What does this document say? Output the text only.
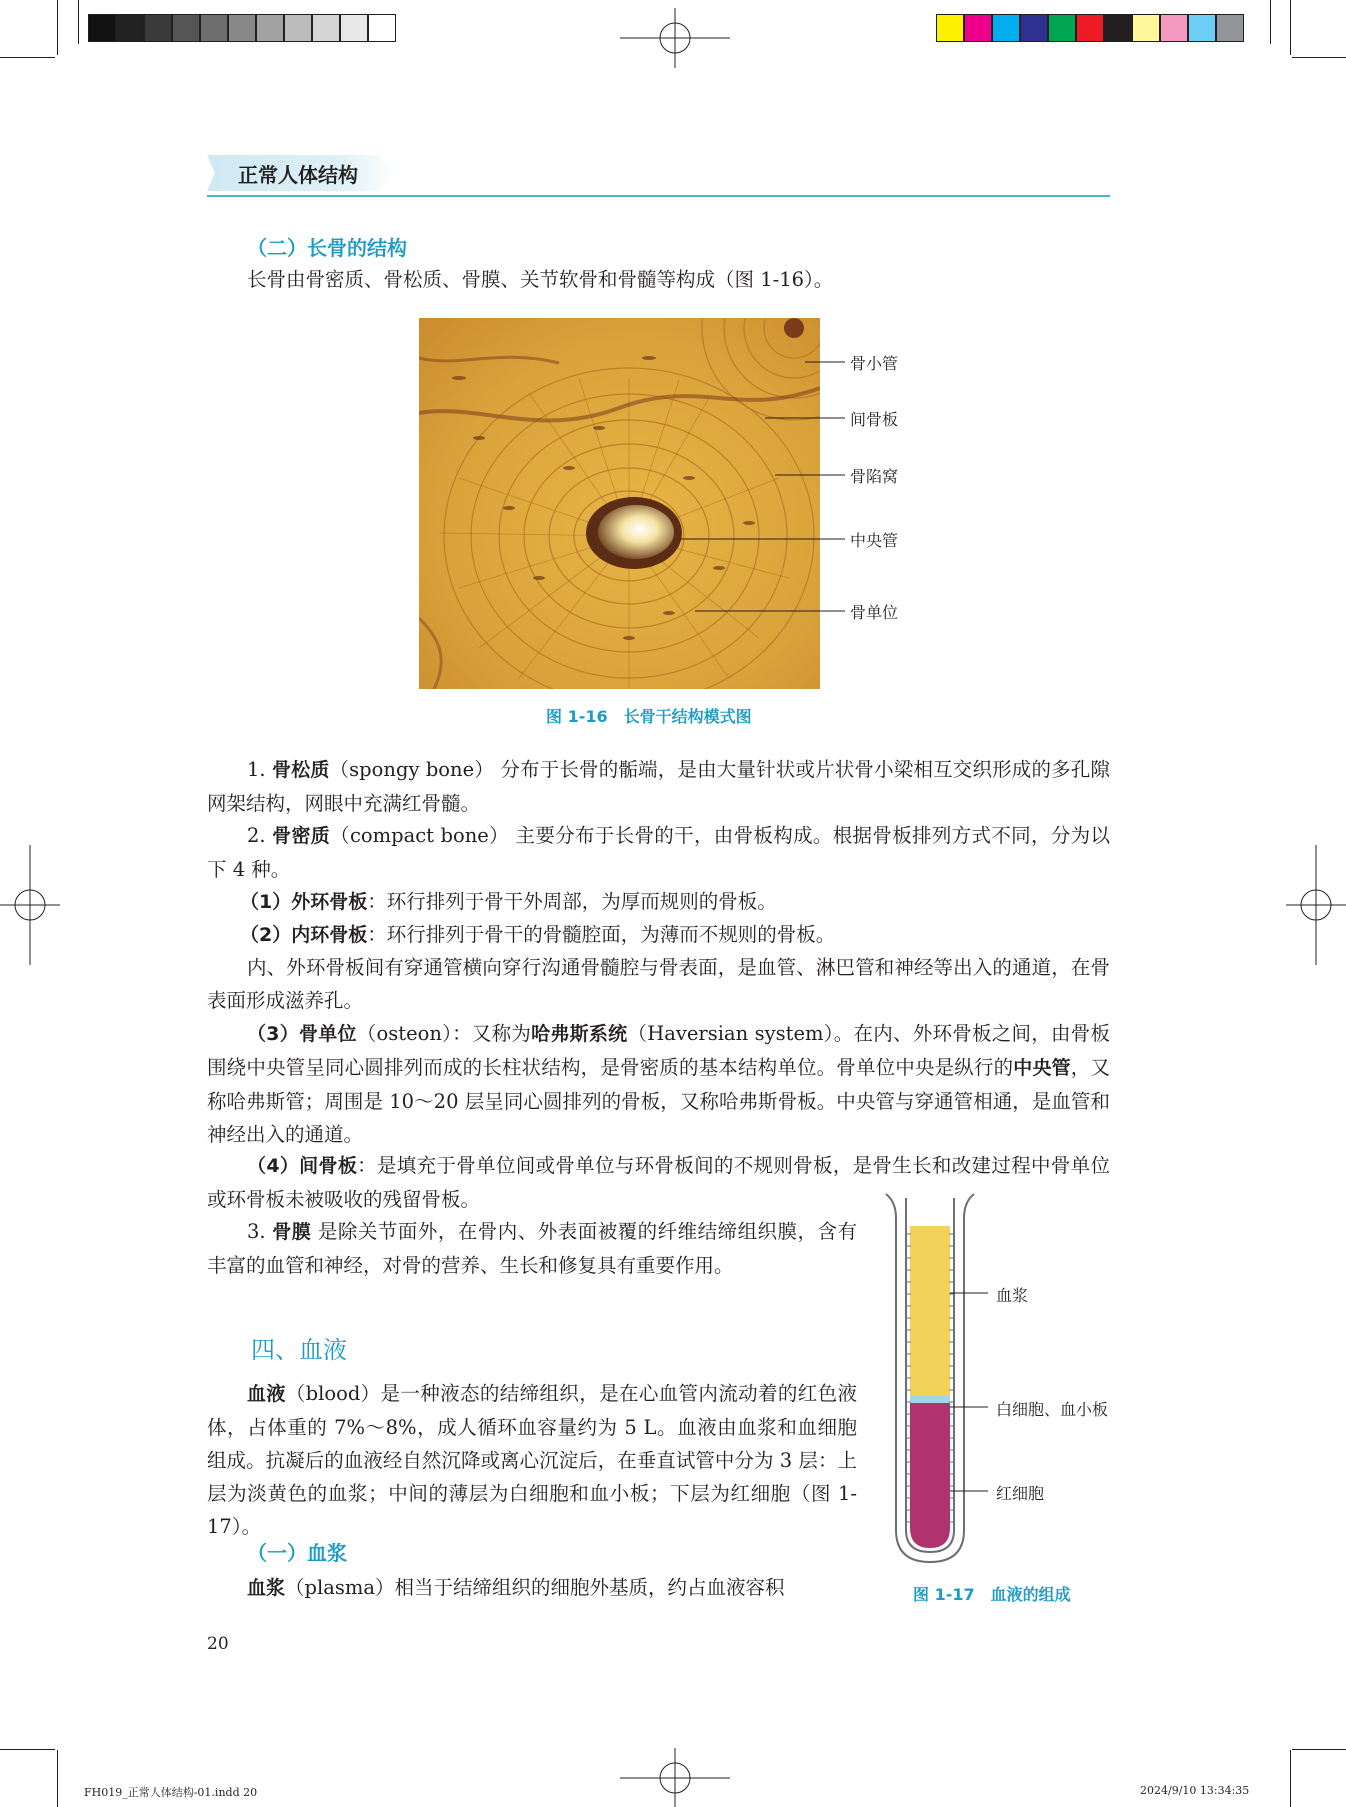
正常人体结构
（二）长骨的结构
长骨由骨密质、骨松质、骨膜、关节软骨和骨髓等构成（图 1-16）。
骨小管
间骨板
骨陷窝
中央管
骨单位
图 1-16　长骨干结构模式图
1. 骨松质（spongy bone） 分布于长骨的骺端，是由大量针状或片状骨小梁相互交织形成的多孔隙网架结构，网眼中充满红骨髓。
2. 骨密质（compact bone） 主要分布于长骨的干，由骨板构成。根据骨板排列方式不同，分为以下 4 种。
（1）外环骨板：环行排列于骨干外周部，为厚而规则的骨板。
（2）内环骨板：环行排列于骨干的骨髓腔面，为薄而不规则的骨板。
内、外环骨板间有穿通管横向穿行沟通骨髓腔与骨表面，是血管、淋巴管和神经等出入的通道，在骨表面形成滋养孔。
（3）骨单位（osteon）：又称为哈弗斯系统（Haversian system）。在内、外环骨板之间，由骨板围绕中央管呈同心圆排列而成的长柱状结构，是骨密质的基本结构单位。骨单位中央是纵行的中央管，又称哈弗斯管；周围是 10～20 层呈同心圆排列的骨板，又称哈弗斯骨板。中央管与穿通管相通，是血管和神经出入的通道。
（4）间骨板：是填充于骨单位间或骨单位与环骨板间的不规则骨板，是骨生长和改建过程中骨单位或环骨板未被吸收的残留骨板。
3. 骨膜 是除关节面外，在骨内、外表面被覆的纤维结缔组织膜，含有丰富的血管和神经，对骨的营养、生长和修复具有重要作用。
四、血液
血液（blood）是一种液态的结缔组织，是在心血管内流动着的红色液体，占体重的 7%～8%，成人循环血容量约为 5 L。血液由血浆和血细胞组成。抗凝后的血液经自然沉降或离心沉淀后，在垂直试管中分为 3 层：上层为淡黄色的血浆；中间的薄层为白细胞和血小板；下层为红细胞（图 1-17）。
（一）血浆
血浆（plasma）相当于结缔组织的细胞外基质，约占血液容积
血浆
白细胞、血小板
红细胞
图 1-17　血液的组成
20
FH019_正常人体结构-01.indd 20	2024/9/10 13:34:35
